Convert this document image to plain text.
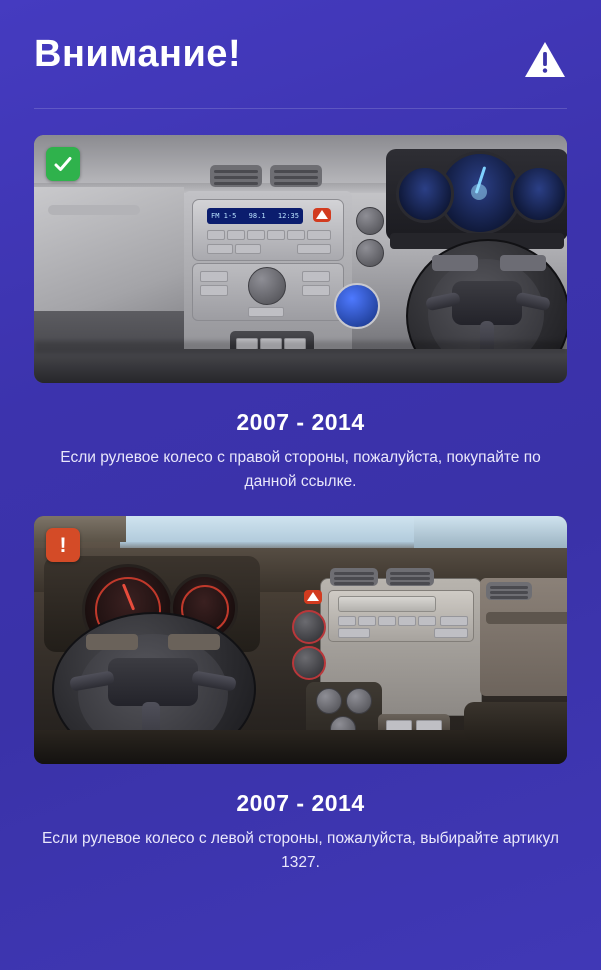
Внимание!
FM 1-5 98.1 12:35
2007 - 2014
Если рулевое колесо с правой стороны, пожалуйста, покупайте по данной ссылке.
!
2007 - 2014
Если рулевое колесо с левой стороны, пожалуйста, выбирайте артикул 1327.
